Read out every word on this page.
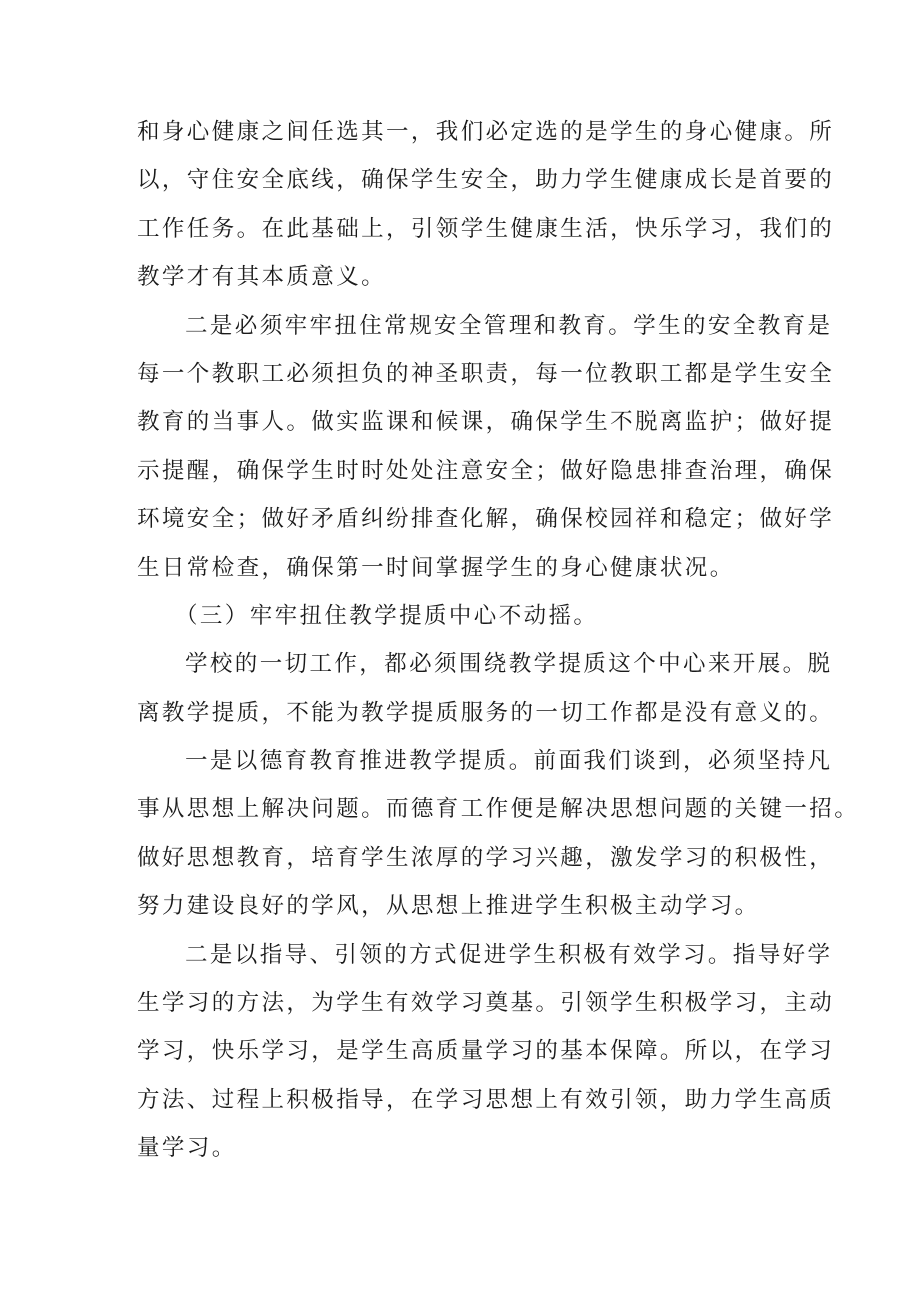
和身心健康之间任选其一，我们必定选的是学生的身心健康。所
以，守住安全底线，确保学生安全，助力学生健康成长是首要的
工作任务。在此基础上，引领学生健康生活，快乐学习，我们的
教学才有其本质意义。
二是必须牢牢扭住常规安全管理和教育。学生的安全教育是
每一个教职工必须担负的神圣职责，每一位教职工都是学生安全
教育的当事人。做实监课和候课，确保学生不脱离监护；做好提
示提醒，确保学生时时处处注意安全；做好隐患排查治理，确保
环境安全；做好矛盾纠纷排查化解，确保校园祥和稳定；做好学
生日常检查，确保第一时间掌握学生的身心健康状况。
（三）牢牢扭住教学提质中心不动摇。
学校的一切工作，都必须围绕教学提质这个中心来开展。脱
离教学提质，不能为教学提质服务的一切工作都是没有意义的。
一是以德育教育推进教学提质。前面我们谈到，必须坚持凡
事从思想上解决问题。而德育工作便是解决思想问题的关键一招。
做好思想教育，培育学生浓厚的学习兴趣，激发学习的积极性，
努力建设良好的学风，从思想上推进学生积极主动学习。
二是以指导、引领的方式促进学生积极有效学习。指导好学
生学习的方法，为学生有效学习奠基。引领学生积极学习，主动
学习，快乐学习，是学生高质量学习的基本保障。所以，在学习
方法、过程上积极指导，在学习思想上有效引领，助力学生高质
量学习。
